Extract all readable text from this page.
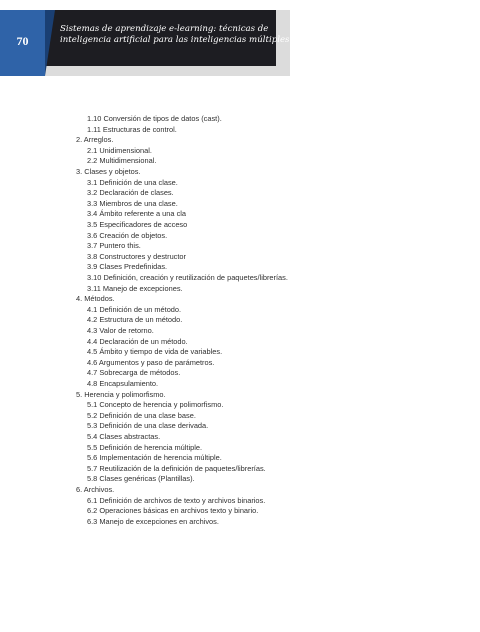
70
Sistemas de aprendizaje e-learning: técnicas de
inteligencia artificial para las inteligencias múltiples
1.10 Conversión de tipos de datos (cast).
1.11 Estructuras de control.
2. Arreglos.
2.1 Unidimensional.
2.2 Multidimensional.
3. Clases y objetos.
3.1 Definición de una clase.
3.2 Declaración de clases.
3.3 Miembros de una clase.
3.4 Ámbito referente a una cla
3.5 Especificadores de acceso
3.6 Creación de objetos.
3.7 Puntero this.
3.8 Constructores y destructor
3.9 Clases Predefinidas.
3.10 Definición, creación y reutilización de paquetes/librerías.
3.11 Manejo de excepciones.
4. Métodos.
4.1 Definición de un método.
4.2 Estructura de un método.
4.3 Valor de retorno.
4.4 Declaración de un método.
4.5 Ámbito y tiempo de vida de variables.
4.6 Argumentos y paso de parámetros.
4.7 Sobrecarga de métodos.
4.8 Encapsulamiento.
5. Herencia y polimorfismo.
5.1 Concepto de herencia y polimorfismo.
5.2 Definición de una clase base.
5.3 Definición de una clase derivada.
5.4 Clases abstractas.
5.5 Definición de herencia múltiple.
5.6 Implementación de herencia múltiple.
5.7 Reutilización de la definición de paquetes/librerías.
5.8 Clases genéricas (Plantillas).
6. Archivos.
6.1 Definición de archivos de texto y archivos binarios.
6.2 Operaciones básicas en archivos texto y binario.
6.3 Manejo de excepciones en archivos.
